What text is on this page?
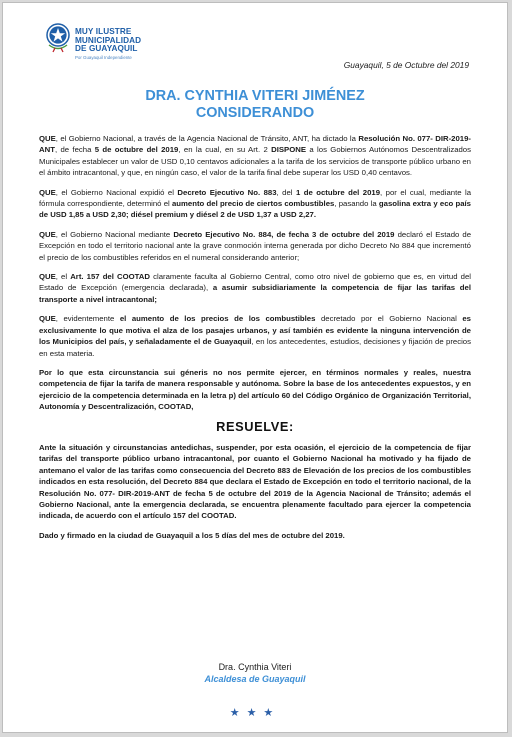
MUY ILUSTRE
MUNICIPALIDAD
DE GUAYAQUIL
Por Guayaquil Independiente
Guayaquil, 5 de Octubre del 2019
DRA. CYNTHIA VITERI JIMÉNEZ
CONSIDERANDO

QUE, el Gobierno Nacional, a través de la Agencia Nacional de Tránsito, ANT, ha dictado la Resolución No. 077- DIR-2019-ANT, de fecha 5 de octubre del 2019, en la cual, en su Art. 2 DISPONE a los Gobiernos Autónomos Descentralizados Municipales establecer un valor de USD 0,10 centavos adicionales a la tarifa de los servicios de transporte público urbano en el ámbito intracantonal, y que, en ningún caso, el valor de la tarifa final debe superar los USD 0,40 centavos.

QUE, el Gobierno Nacional expidió el Decreto Ejecutivo No. 883, del 1 de octubre del 2019, por el cual, mediante la fórmula correspondiente, determinó el aumento del precio de ciertos combustibles, pasando la gasolina extra y eco país de USD 1,85 a USD 2,30; diésel premium y diésel 2 de USD 1,37 a USD 2,27.

QUE, el Gobierno Nacional mediante Decreto Ejecutivo No. 884, de fecha 3 de octubre del 2019 declaró el Estado de Excepción en todo el territorio nacional ante la grave conmoción interna generada por dicho Decreto No 884 que incrementó el precio de los combustibles referidos en el numeral considerando anterior;

QUE, el Art. 157 del COOTAD claramente faculta al Gobierno Central, como otro nivel de gobierno que es, en virtud del Estado de Excepción (emergencia declarada), a asumir subsidiariamente la competencia de fijar las tarifas del transporte a nivel intracantonal;

QUE, evidentemente el aumento de los precios de los combustibles decretado por el Gobierno Nacional es exclusivamente lo que motiva el alza de los pasajes urbanos, y así también es evidente la ninguna intervención de los Municipios del país, y señaladamente el de Guayaquil, en los antecedentes, estudios, decisiones y fijación de precios en esta materia.

Por lo que esta circunstancia sui géneris no nos permite ejercer, en términos normales y reales, nuestra competencia de fijar la tarifa de manera responsable y autónoma. Sobre la base de los antecedentes expuestos, y en ejercicio de la competencia determinada en la letra p) del artículo 60 del Código Orgánico de Organización Territorial, Autonomía y Descentralización, COOTAD,

RESUELVE:

Ante la situación y circunstancias antedichas, suspender, por esta ocasión, el ejercicio de la competencia de fijar tarifas del transporte público urbano intracantonal, por cuanto el Gobierno Nacional ha motivado y ha fijado de antemano el valor de las tarifas como consecuencia del Decreto 883 de Elevación de los precios de los combustibles indicados en esta resolución, del Decreto 884 que declara el Estado de Excepción en todo el territorio nacional, de la Resolución No. 077- DIR-2019-ANT de fecha 5 de octubre del 2019 de la Agencia Nacional de Tránsito; además el Gobierno Nacional, ante la emergencia declarada, se encuentra plenamente facultado para ejercer la competencia indicada, de acuerdo con el artículo 157 del COOTAD.

Dado y firmado en la ciudad de Guayaquil a los 5 días del mes de octubre del 2019.

Dra. Cynthia Viteri
Alcaldesa de Guayaquil
★★★
